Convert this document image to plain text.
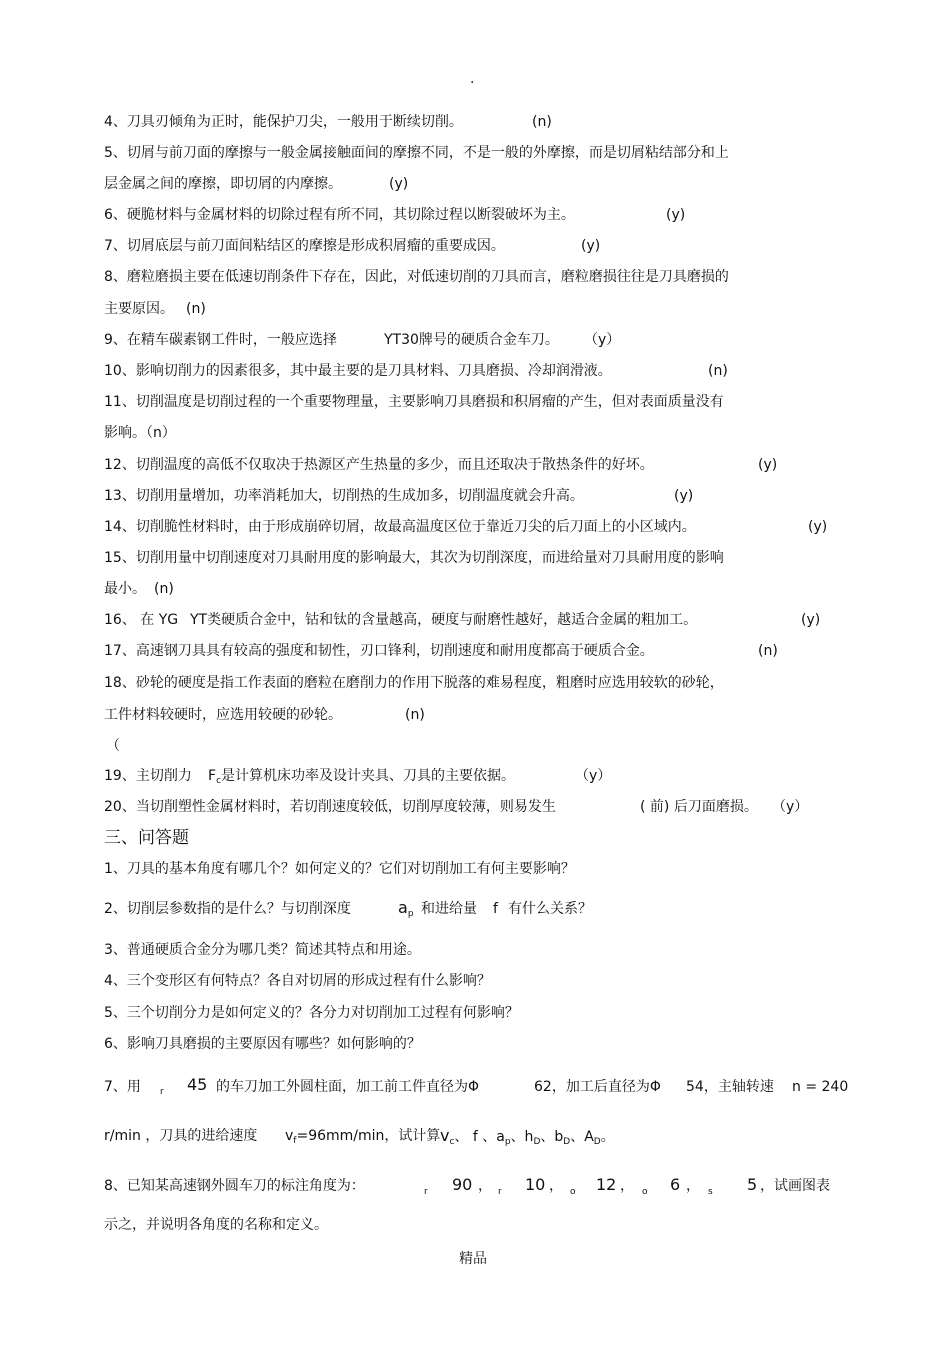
·
4、刀具刃倾角为正时，能保护刀尖，一般用于断续切削。	(n)
5、切屑与前刀面的摩擦与一般金属接触面间的摩擦不同，不是一般的外摩擦，而是切屑粘结部分和上
层金属之间的摩擦，即切屑的内摩擦。	(y)
6、硬脆材料与金属材料的切除过程有所不同，其切除过程以断裂破坏为主。	(y)
7、切屑底层与前刀面间粘结区的摩擦是形成积屑瘤的重要成因。	(y)
8、磨粒磨损主要在低速切削条件下存在，因此，对低速切削的刀具而言，磨粒磨损往往是刀具磨损的
主要原因。 (n)
9、在精车碳素钢工件时，一般应选择	YT30牌号的硬质合金车刀。 （y）
10、影响切削力的因素很多，其中最主要的是刀具材料、刀具磨损、冷却润滑液。	(n)
11、切削温度是切削过程的一个重要物理量，主要影响刀具磨损和积屑瘤的产生，但对表面质量没有
影响。（n）
12、切削温度的高低不仅取决于热源区产生热量的多少，而且还取决于散热条件的好坏。	(y)
13、切削用量增加，功率消耗加大，切削热的生成加多，切削温度就会升高。	(y)
14、切削脆性材料时，由于形成崩碎切屑，故最高温度区位于靠近刀尖的后刀面上的小区域内。	(y)
15、切削用量中切削速度对刀具耐用度的影响最大，其次为切削深度，而进给量对刀具耐用度的影响
最小。 (n)
16、 在 YG YT类硬质合金中，钴和钛的含量越高，硬度与耐磨性越好，越适合金属的粗加工。	(y)
17、高速钢刀具具有较高的强度和韧性，刃口锋利，切削速度和耐用度都高于硬质合金。	(n)
18、砂轮的硬度是指工作表面的磨粒在磨削力的作用下脱落的难易程度，粗磨时应选用较软的砂轮，
工件材料较硬时，应选用较硬的砂轮。	(n)
（
19、主切削力 $F_c$是计算机床功率及设计夹具、刀具的主要依据。	（y）
20、当切削塑性金属材料时，若切削速度较低，切削厚度较薄，则易发生	( 前) 后刀面磨损。 （y）
三、问答题
1、刀具的基本角度有哪几个？如何定义的？它们对切削加工有何主要影响？
2、切削层参数指的是什么？与切削深度	ap 和进给量 f 有什么关系？
3、普通硬质合金分为哪几类？简述其特点和用途。
4、三个变形区有何特点？各自对切屑的形成过程有什么影响？
5、三个切削分力是如何定义的？各分力对切削加工过程有何影响？
6、影响刀具磨损的主要原因有哪些？如何影响的？
7、用 r 45 的车刀加工外圆柱面，加工前工件直径为Φ	62，加工后直径为Φ 54，主轴转速 n = 240
r/min ，刀具的进给速度 $v_f=96mm/\min$，试计算 $v_c$、 f 、$a_p$、$h_D$、$b_D$、$A_D$。
8、已知某高速钢外圆车刀的标注角度为：	r 90 ， r 10 ， o 12 ， o 6 ， s 5 ，试画图表
示之，并说明各角度的名称和定义。
精品
